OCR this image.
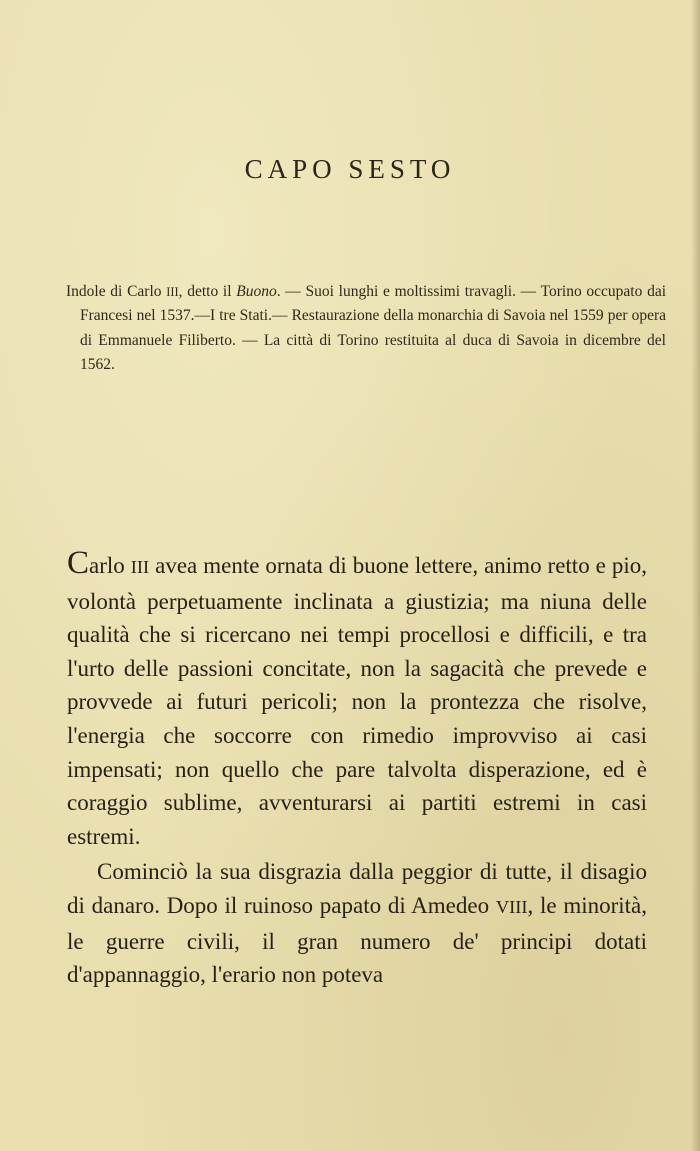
CAPO SESTO

Indole di Carlo III, detto il Buono. — Suoi lunghi e moltissimi travagli. — Torino occupato dai Francesi nel 1537.—I tre Stati.— Restaurazione della monarchia di Savoia nel 1559 per opera di Emmanuele Filiberto. — La città di Torino restituita al duca di Savoia in dicembre del 1562.

Carlo III avea mente ornata di buone lettere, animo retto e pio, volontà perpetuamente inclinata a giustizia; ma niuna delle qualità che si ricercano nei tempi procellosi e difficili, e tra l'urto delle passioni concitate, non la sagacità che prevede e provvede ai futuri pericoli; non la prontezza che risolve, l'energia che soccorre con rimedio improvviso ai casi impensati; non quello che pare talvolta disperazione, ed è coraggio sublime, avventurarsi ai partiti estremi in casi estremi.

Cominciò la sua disgrazia dalla peggior di tutte, il disagio di danaro. Dopo il ruinoso papato di Amedeo VIII, le minorità, le guerre civili, il gran numero de' principi dotati d'appannaggio, l'erario non poteva
